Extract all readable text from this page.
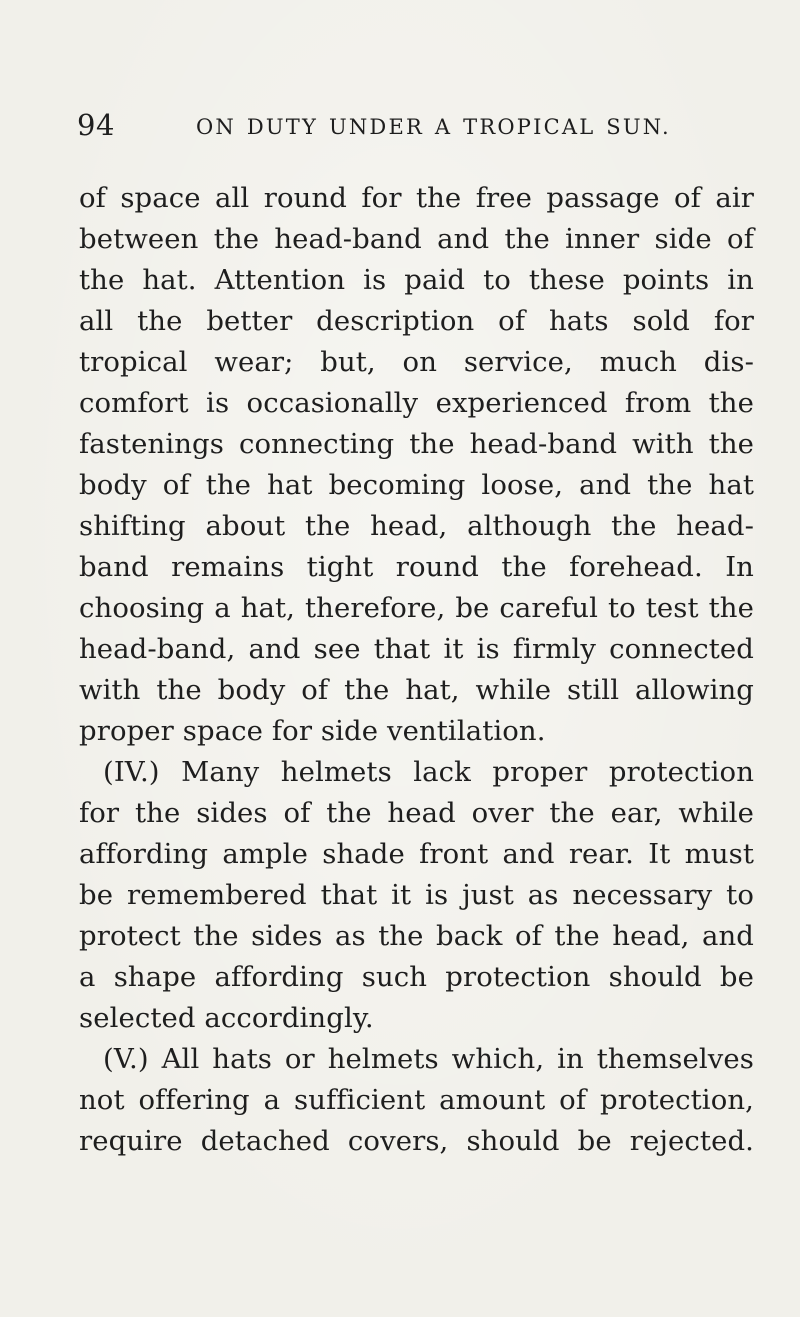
94	ON DUTY UNDER A TROPICAL SUN.
of space all round for the free passage of air
between the head-band and the inner side of
the hat. Attention is paid to these points in
all the better description of hats sold for
tropical wear; but, on service, much dis-
comfort is occasionally experienced from the
fastenings connecting the head-band with the
body of the hat becoming loose, and the hat
shifting about the head, although the head-
band remains tight round the forehead. In
choosing a hat, therefore, be careful to test the
head-band, and see that it is firmly connected
with the body of the hat, while still allowing
proper space for side ventilation.
(IV.) Many helmets lack proper protection
for the sides of the head over the ear, while
affording ample shade front and rear. It must
be remembered that it is just as necessary to
protect the sides as the back of the head, and
a shape affording such protection should be
selected accordingly.
(V.) All hats or helmets which, in themselves
not offering a sufficient amount of protection,
require detached covers, should be rejected.
